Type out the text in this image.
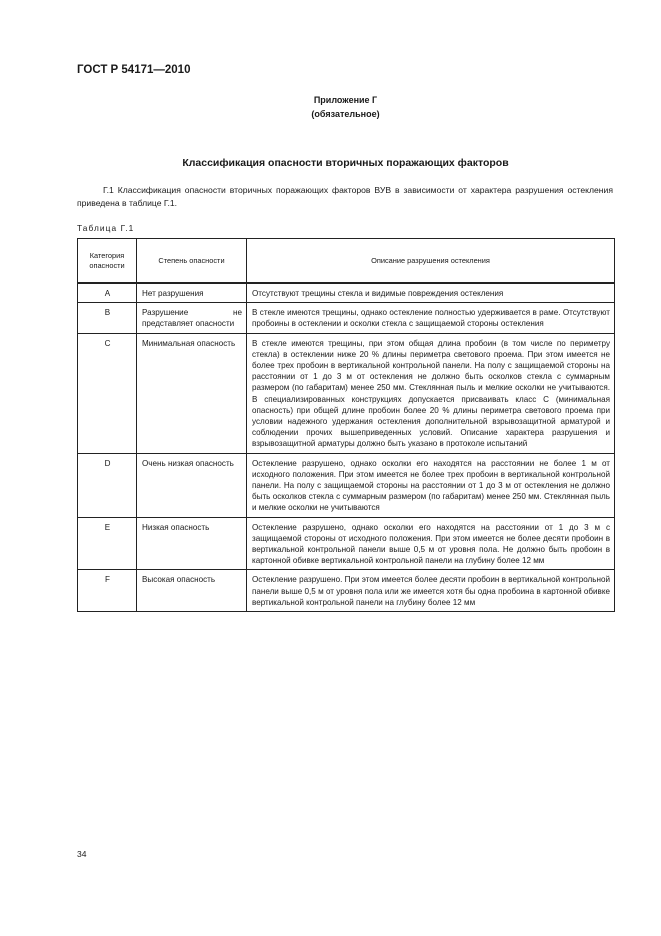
ГОСТ Р 54171—2010
Приложение Г
(обязательное)
Классификация опасности вторичных поражающих факторов
Г.1 Классификация опасности вторичных поражающих факторов ВУВ в зависимости от характера разрушения остекления приведена в таблице Г.1.
Таблица Г.1
Категория опасности	Степень опасности	Описание разрушения остекления
A	Нет разрушения	Отсутствуют трещины стекла и видимые повреждения остекления
B	Разрушение не представляет опасности	В стекле имеются трещины, однако остекление полностью удерживается в раме. Отсутствуют пробоины в остеклении и осколки стекла с защищаемой стороны остекления
C	Минимальная опасность	В стекле имеются трещины, при этом общая длина пробоин (в том числе по периметру стекла) в остеклении ниже 20 % длины периметра светового проема. При этом имеется не более трех пробоин в вертикальной контрольной панели. На полу с защищаемой стороны на расстоянии от 1 до 3 м от остекления не должно быть осколков стекла с суммарным размером (по габаритам) менее 250 мм. Стеклянная пыль и мелкие осколки не учитываются. В специализированных конструкциях допускается присваивать класс С (минимальная опасность) при общей длине пробоин более 20 % длины периметра светового проема при условии надежного удержания остекления дополнительной взрывозащитной арматурой и соблюдении прочих вышеприведенных условий. Описание характера разрушения и взрывозащитной арматуры должно быть указано в протоколе испытаний
D	Очень низкая опасность	Остекление разрушено, однако осколки его находятся на расстоянии не более 1 м от исходного положения. При этом имеется не более трех пробоин в вертикальной контрольной панели. На полу с защищаемой стороны на расстоянии от 1 до 3 м от остекления не должно быть осколков стекла с суммарным размером (по габаритам) менее 250 мм. Стеклянная пыль и мелкие осколки не учитываются
E	Низкая опасность	Остекление разрушено, однако осколки его находятся на расстоянии от 1 до 3 м с защищаемой стороны от исходного положения. При этом имеется не более десяти пробоин в вертикальной контрольной панели выше 0,5 м от уровня пола. Не должно быть пробоин в картонной обивке вертикальной контрольной панели на глубину более 12 мм
F	Высокая опасность	Остекление разрушено. При этом имеется более десяти пробоин в вертикальной контрольной панели выше 0,5 м от уровня пола или же имеется хотя бы одна пробоина в картонной обивке вертикальной контрольной панели на глубину более 12 мм
34
